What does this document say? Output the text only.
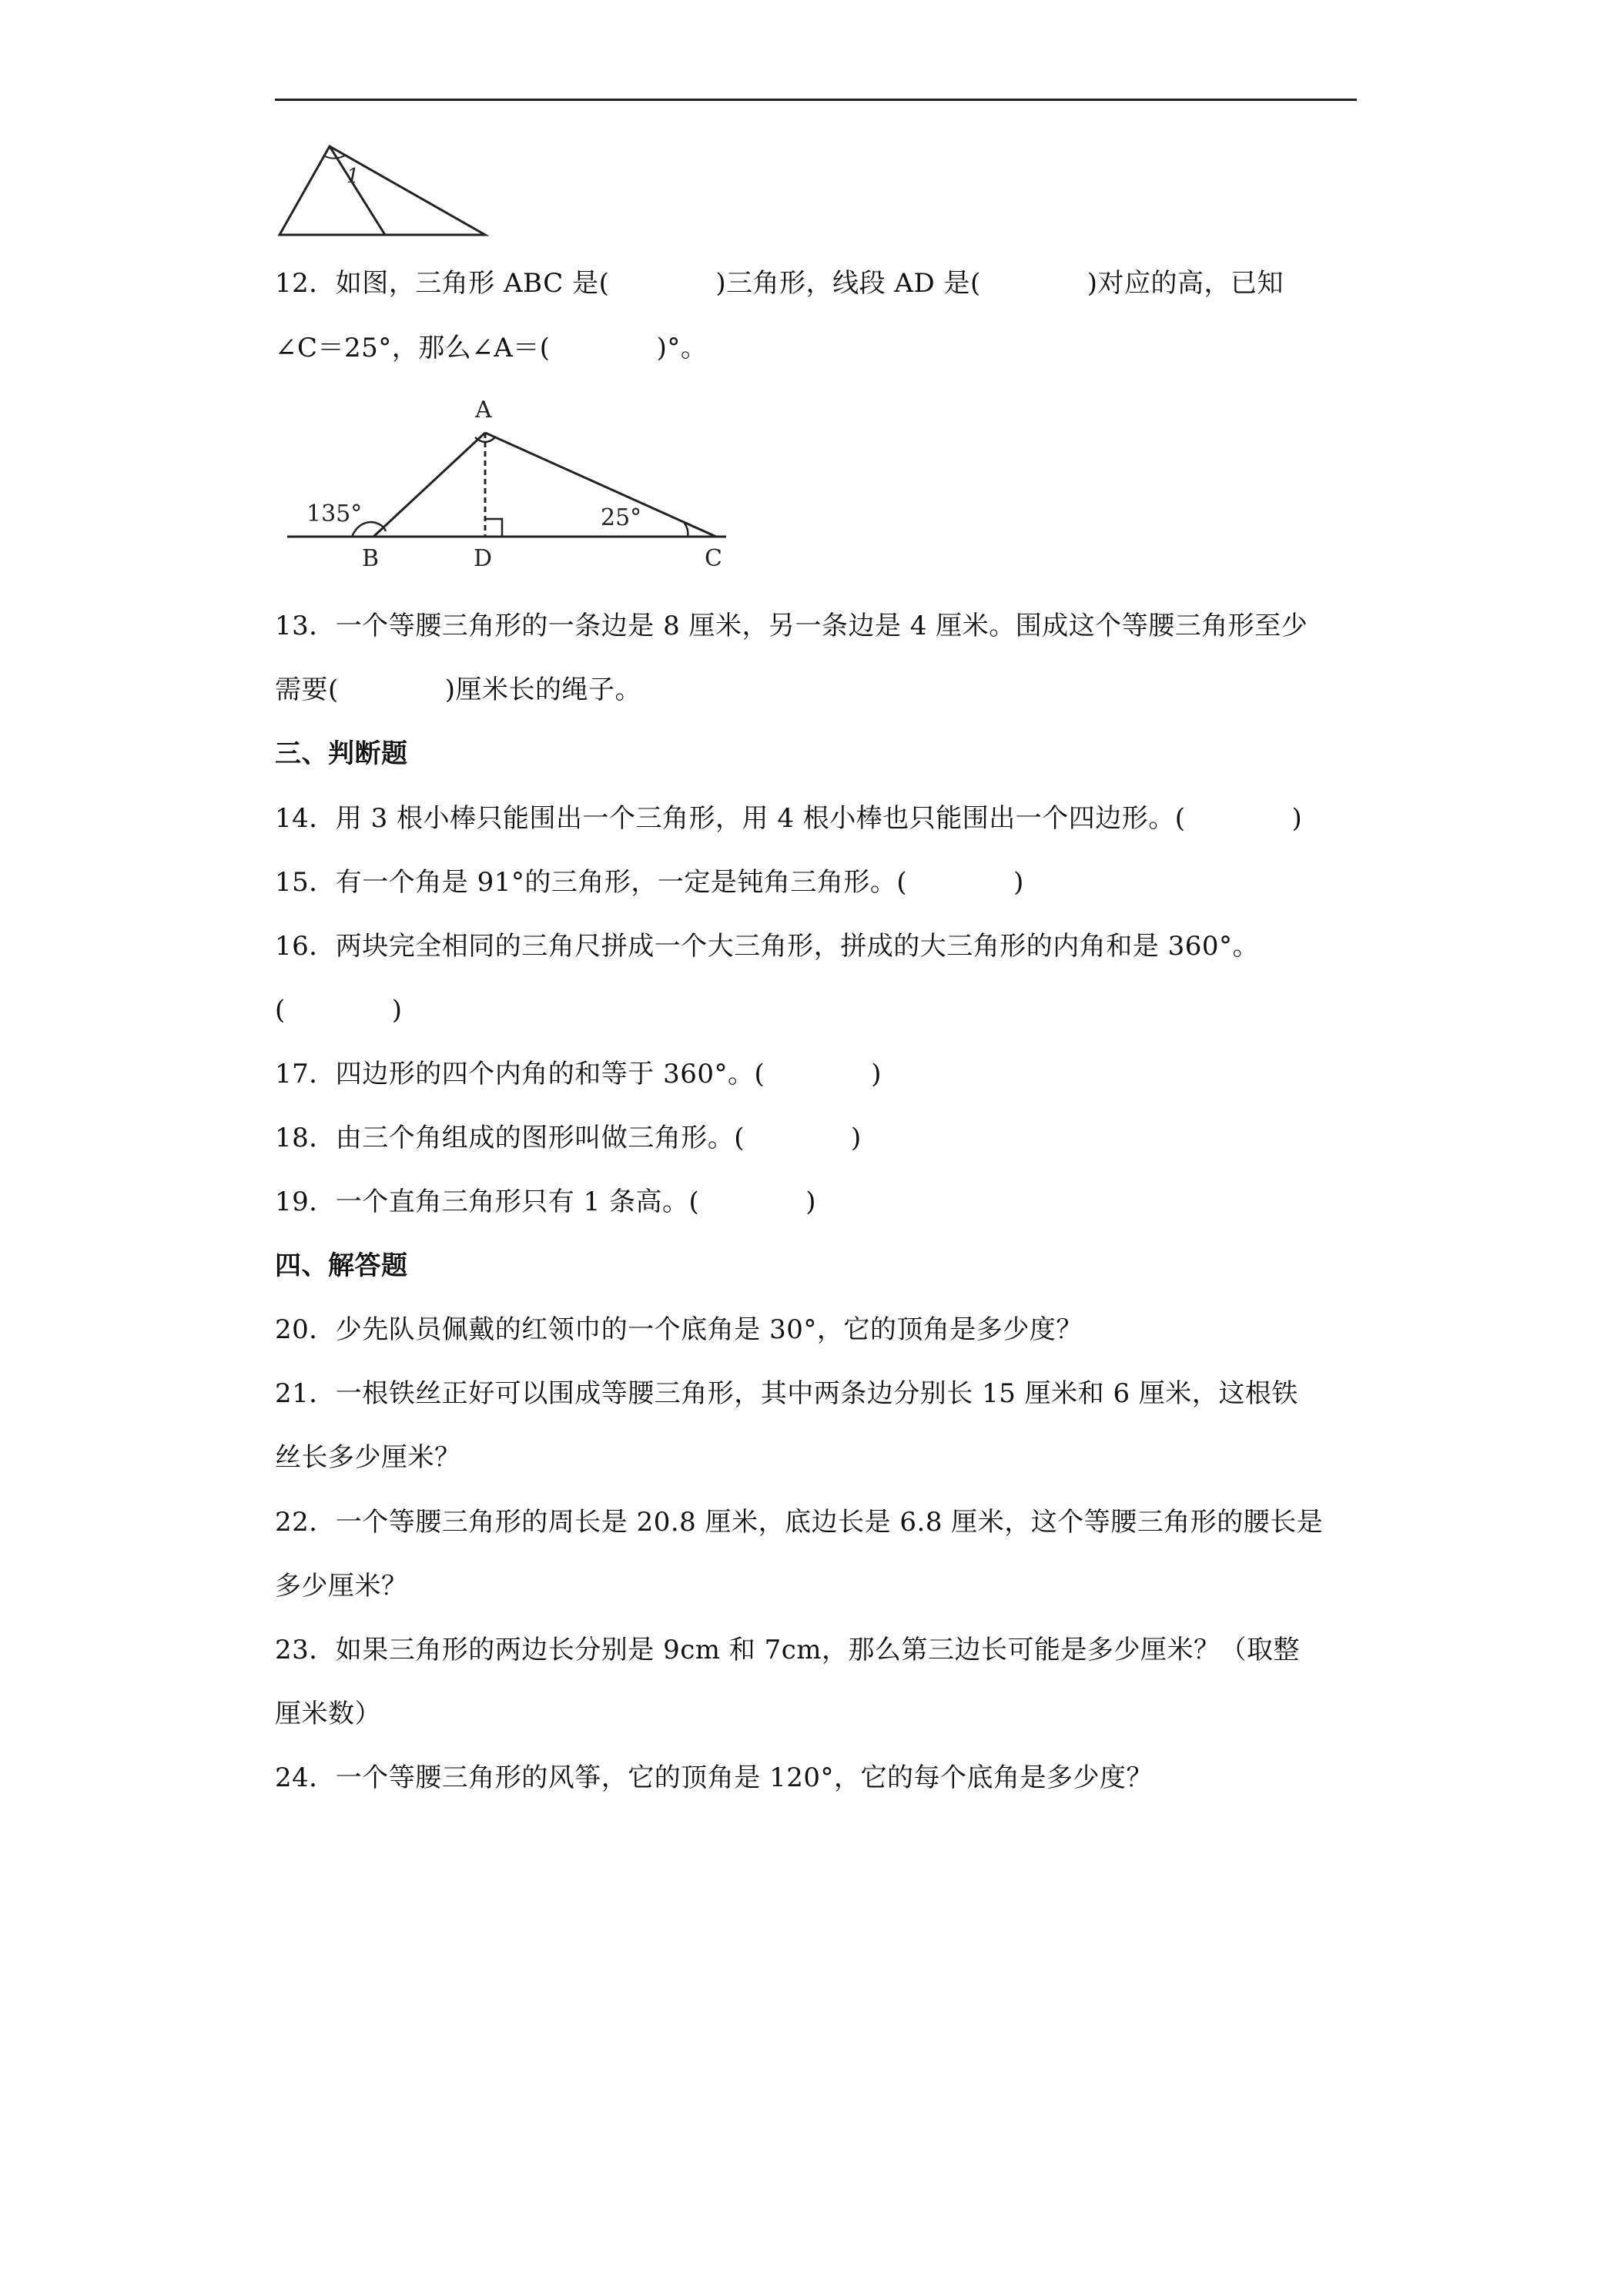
1
12．如图，三角形 ABC 是(　　　　)三角形，线段 AD 是(　　　　)对应的高，已知
∠C＝25°，那么∠A＝(　　　　)°。
A
B	D	C
135°	25°
13．一个等腰三角形的一条边是 8 厘米，另一条边是 4 厘米。围成这个等腰三角形至少
需要(　　　　)厘米长的绳子。
三、判断题
14．用 3 根小棒只能围出一个三角形，用 4 根小棒也只能围出一个四边形。(　　　　)
15．有一个角是 91°的三角形，一定是钝角三角形。(　　　　)
16．两块完全相同的三角尺拼成一个大三角形，拼成的大三角形的内角和是 360°。
(　　　　)
17．四边形的四个内角的和等于 360°。(　　　　)
18．由三个角组成的图形叫做三角形。(　　　　)
19．一个直角三角形只有 1 条高。(　　　　)
四、解答题
20．少先队员佩戴的红领巾的一个底角是 30°，它的顶角是多少度？
21．一根铁丝正好可以围成等腰三角形，其中两条边分别长 15 厘米和 6 厘米，这根铁
丝长多少厘米？
22．一个等腰三角形的周长是 20.8 厘米，底边长是 6.8 厘米，这个等腰三角形的腰长是
多少厘米？
23．如果三角形的两边长分别是 9cm 和 7cm，那么第三边长可能是多少厘米？（取整
厘米数）
24．一个等腰三角形的风筝，它的顶角是 120°，它的每个底角是多少度？
